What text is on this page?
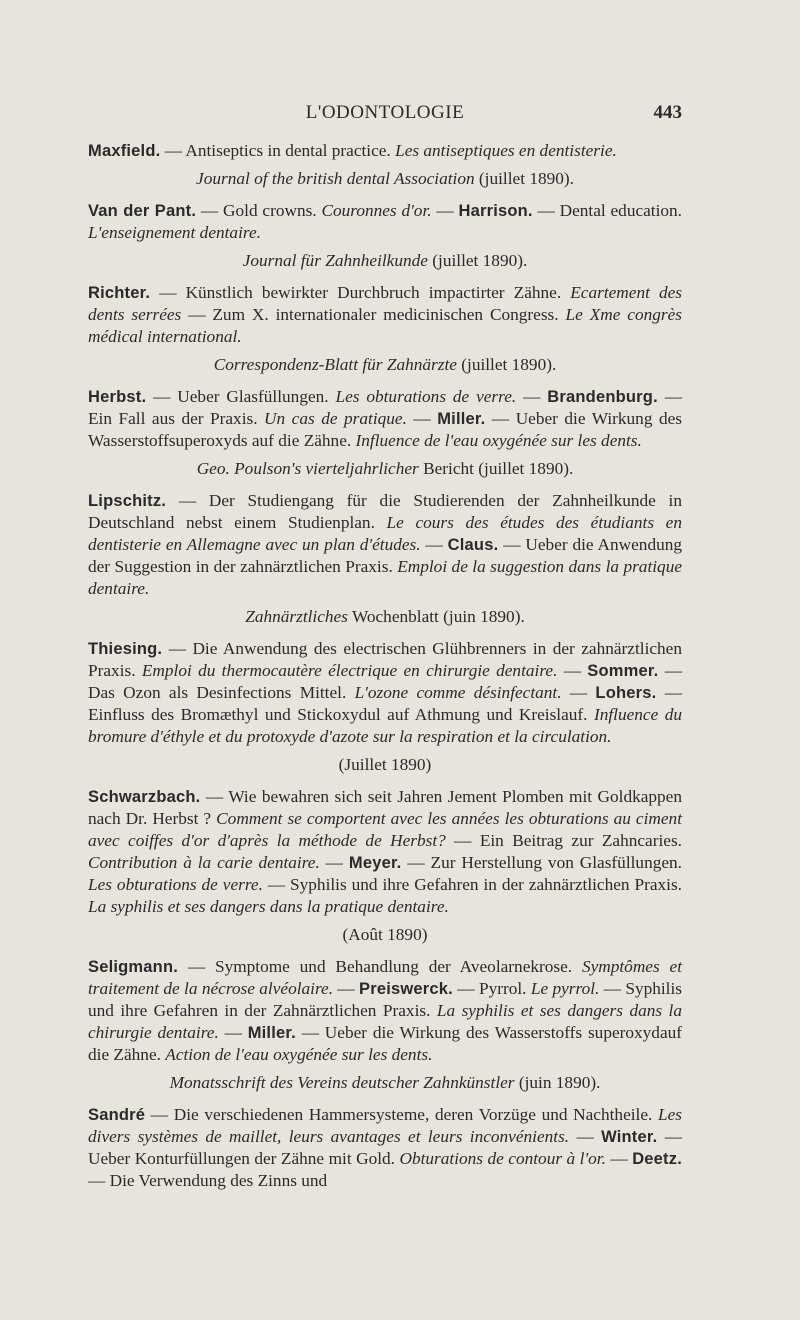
L'ODONTOLOGIE	443

Maxfield. — Antiseptics in dental practice. Les antiseptiques en dentisterie.

Journal of the british dental Association (juillet 1890).

Van der Pant. — Gold crowns. Couronnes d'or. — Harrison. — Dental education. L'enseignement dentaire.

Journal für Zahnheilkunde (juillet 1890).

Richter. — Künstlich bewirkter Durchbruch impactirter Zähne. Ecartement des dents serrées — Zum X. internationaler medicinischen Congress. Le Xme congrès médical international.

Correspondenz-Blatt für Zahnärzte (juillet 1890).

Herbst. — Ueber Glasfüllungen. Les obturations de verre. — Brandenburg. — Ein Fall aus der Praxis. Un cas de pratique. — Miller. — Ueber die Wirkung des Wasserstoffsuperoxyds auf die Zähne. Influence de l'eau oxygénée sur les dents.

Geo. Poulson's vierteljahrlicher Bericht (juillet 1890).

Lipschitz. — Der Studiengang für die Studierenden der Zahnheilkunde in Deutschland nebst einem Studienplan. Le cours des études des étudiants en dentisterie en Allemagne avec un plan d'études. — Claus. — Ueber die Anwendung der Suggestion in der zahnärztlichen Praxis. Emploi de la suggestion dans la pratique dentaire.

Zahnärztliches Wochenblatt (juin 1890).

Thiesing. — Die Anwendung des electrischen Glühbrenners in der zahnärztlichen Praxis. Emploi du thermocautère électrique en chirurgie dentaire. — Sommer. — Das Ozon als Desinfections Mittel. L'ozone comme désinfectant. — Lohers. — Einfluss des Bromæthyl und Stickoxydul auf Athmung und Kreislauf. Influence du bromure d'éthyle et du protoxyde d'azote sur la respiration et la circulation.

(Juillet 1890)

Schwarzbach. — Wie bewahren sich seit Jahren Jement Plomben mit Goldkappen nach Dr. Herbst ? Comment se comportent avec les années les obturations au ciment avec coiffes d'or d'après la méthode de Herbst? — Ein Beitrag zur Zahncaries. Contribution à la carie dentaire. — Meyer. — Zur Herstellung von Glasfüllungen. Les obturations de verre. — Syphilis und ihre Gefahren in der zahnärztlichen Praxis. La syphilis et ses dangers dans la pratique dentaire.

(Août 1890)

Seligmann. — Symptome und Behandlung der Aveolarnekrose. Symptômes et traitement de la nécrose alvéolaire. — Preiswerck. — Pyrrol. Le pyrrol. — Syphilis und ihre Gefahren in der Zahnärztlichen Praxis. La syphilis et ses dangers dans la chirurgie dentaire. — Miller. — Ueber die Wirkung des Wasserstoffs superoxydauf die Zähne. Action de l'eau oxygénée sur les dents.

Monatsschrift des Vereins deutscher Zahnkünstler (juin 1890).

Sandré — Die verschiedenen Hammersysteme, deren Vorzüge und Nachtheile. Les divers systèmes de maillet, leurs avantages et leurs inconvénients. — Winter. — Ueber Konturfüllungen der Zähne mit Gold. Obturations de contour à l'or. — Deetz. — Die Verwendung des Zinns und
